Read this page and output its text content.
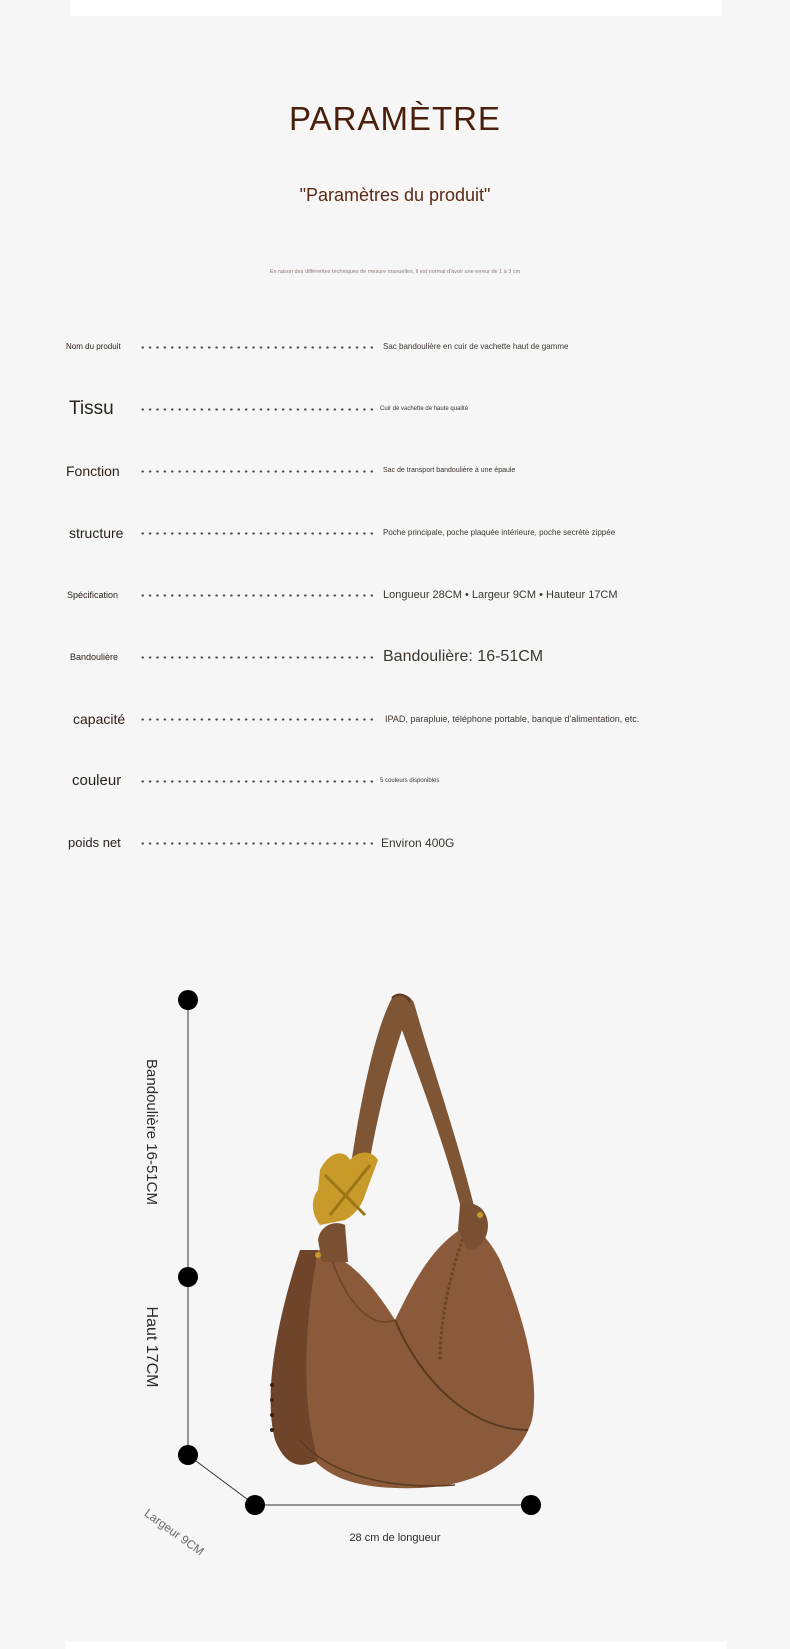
PARAMÈTRE
"Paramètres du produit"
En raison des différentes techniques de mesure manuelles, il est normal d'avoir une erreur de 1 à 3 cm
Nom du produit	Sac bandoulière en cuir de vachette haut de gamme
Tissu	Cuir de vachette de haute qualité
Fonction	Sac de transport bandoulière à une épaule
structure	Poche principale, poche plaquée intérieure, poche secrète zippée
Spécification	Longueur 28CM • Largeur 9CM • Hauteur 17CM
Bandoulière	Bandoulière: 16-51CM
capacité	IPAD, parapluie, téléphone portable, banque d'alimentation, etc.
couleur	5 couleurs disponibles
poids net	Environ 400G
Bandoulière 16-51CM
Haut 17CM
Largeur 9CM	28 cm de longueur
